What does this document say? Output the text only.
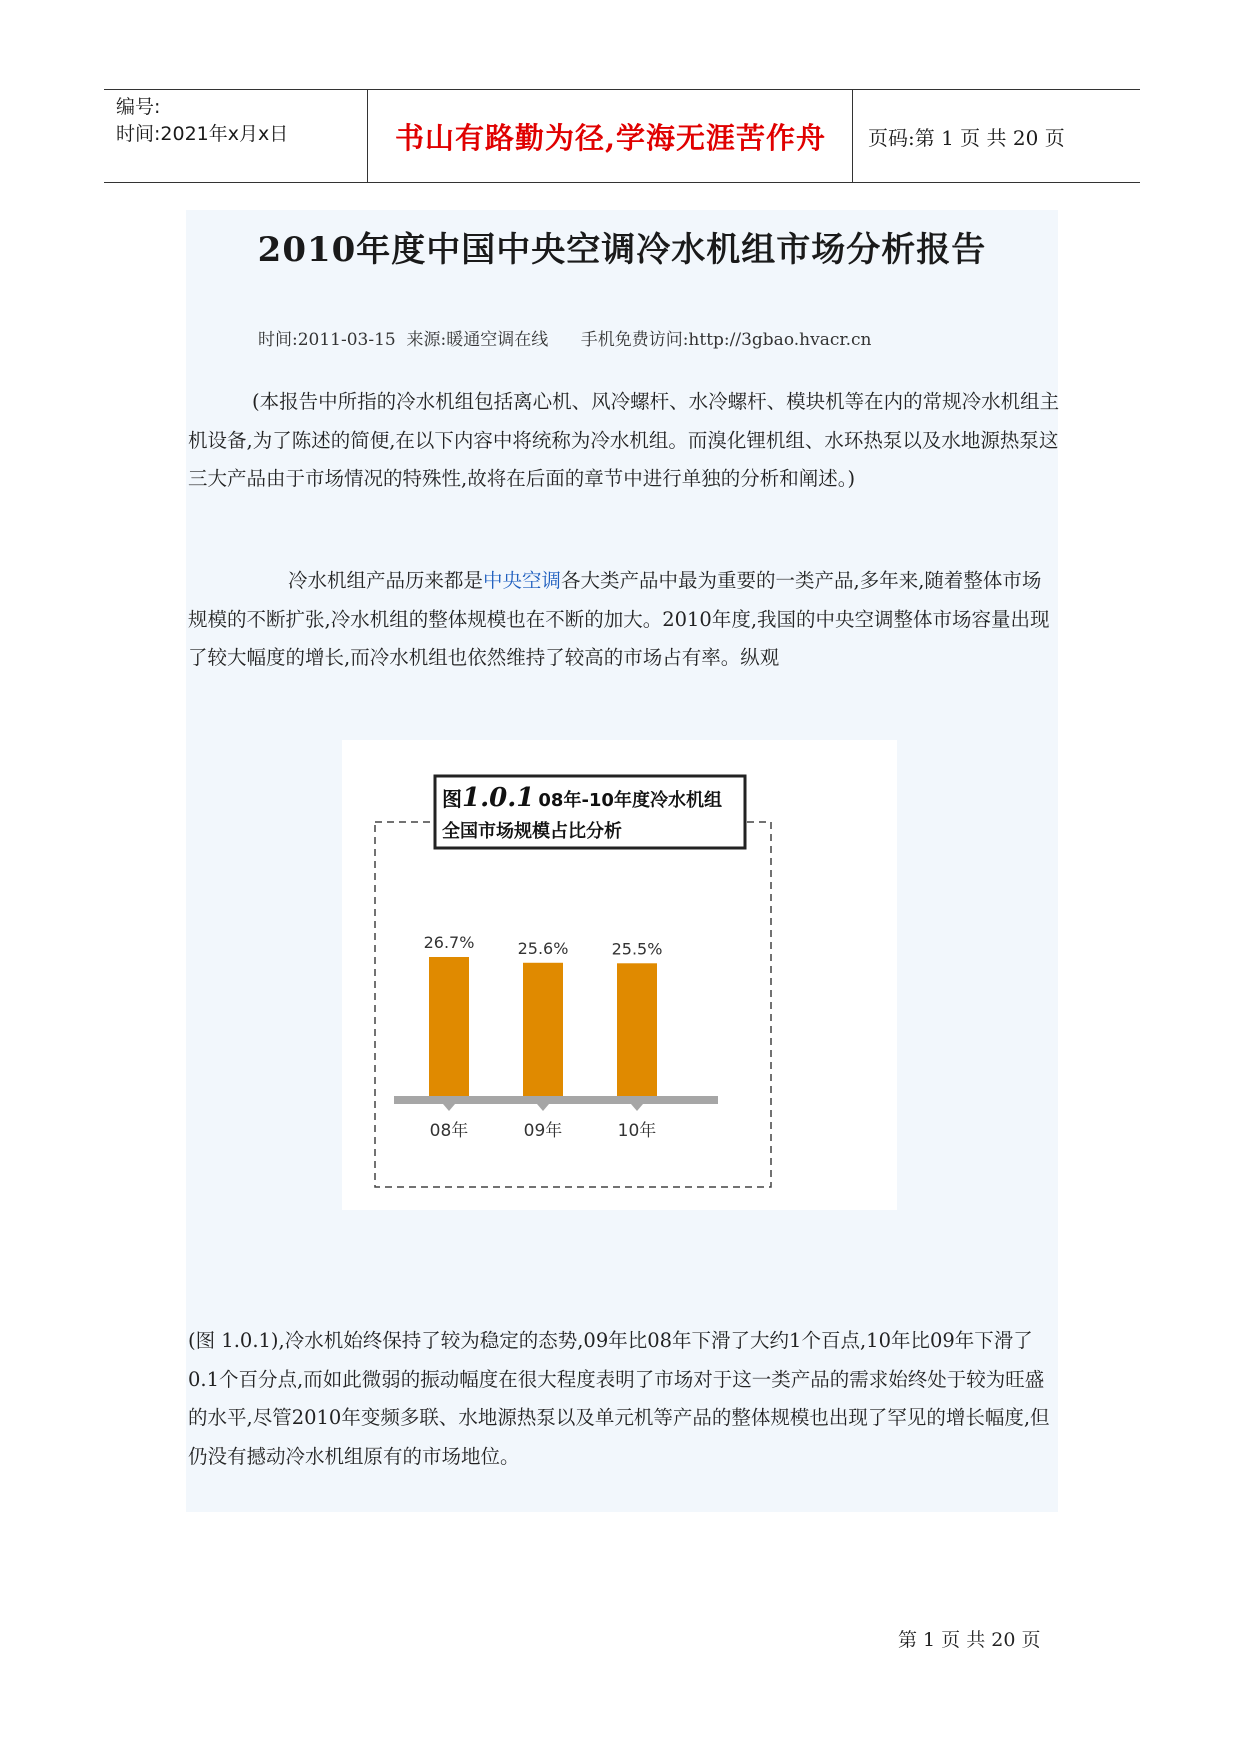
编号:
时间:2021年x月x日	书山有路勤为径,学海无涯苦作舟	页码:第 1 页 共 20 页
2010年度中国中央空调冷水机组市场分析报告
时间:2011-03-15  来源:暖通空调在线      手机免费访问:http://3gbao.hvacr.cn
(本报告中所指的冷水机组包括离心机、风冷螺杆、水冷螺杆、模块机等在内的常规冷水机组主机设备,为了陈述的简便,在以下内容中将统称为冷水机组。而溴化锂机组、水环热泵以及水地源热泵这三大产品由于市场情况的特殊性,故将在后面的章节中进行单独的分析和阐述。)
冷水机组产品历来都是中央空调各大类产品中最为重要的一类产品,多年来,随着整体市场规模的不断扩张,冷水机组的整体规模也在不断的加大。2010年度,我国的中央空调整体市场容量出现了较大幅度的增长,而冷水机组也依然维持了较高的市场占有率。纵观
图1.0.1 08年-10年度冷水机组
全国市场规模占比分析
26.7%
08年
25.6%
09年
25.5%
10年
(图 1.0.1),冷水机始终保持了较为稳定的态势,09年比08年下滑了大约1个百点,10年比09年下滑了0.1个百分点,而如此微弱的振动幅度在很大程度表明了市场对于这一类产品的需求始终处于较为旺盛的水平,尽管2010年变频多联、水地源热泵以及单元机等产品的整体规模也出现了罕见的增长幅度,但仍没有撼动冷水机组原有的市场地位。
第 1 页 共 20 页
